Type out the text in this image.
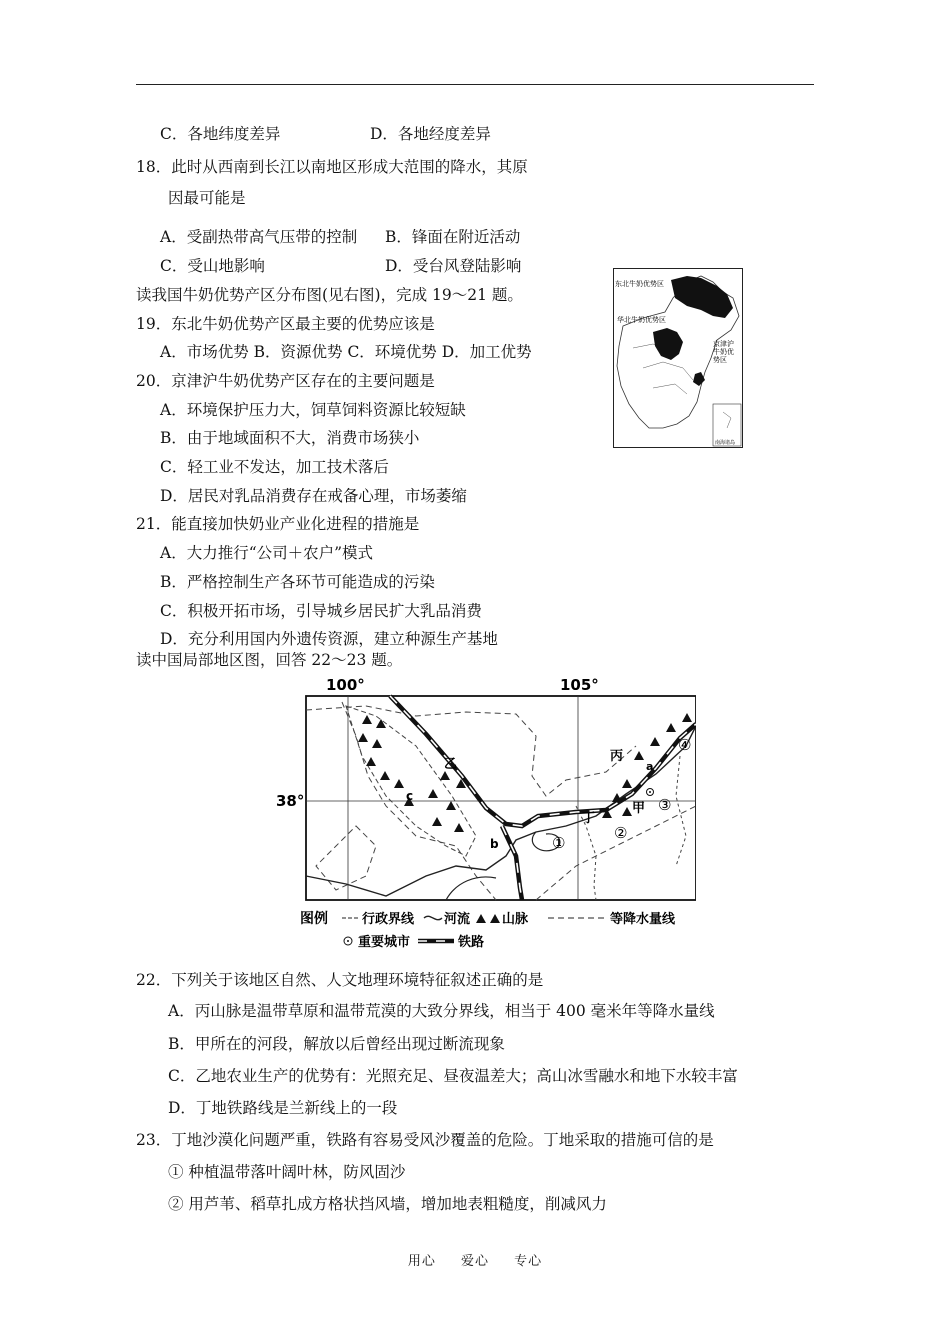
C．各地纬度差异	D．各地经度差异
18．此时从西南到长江以南地区形成大范围的降水，其原
因最可能是
A．受副热带高气压带的控制 B．锋面在附近活动
C．受山地影响	D．受台风登陆影响
读我国牛奶优势产区分布图(见右图)，完成 19～21 题。
19．东北牛奶优势产区最主要的优势应该是
A．市场优势 B．资源优势 C．环境优势 D．加工优势
20．京津沪牛奶优势产区存在的主要问题是
A．环境保护压力大，饲草饲料资源比较短缺
B．由于地域面积不大，消费市场狭小
C．轻工业不发达，加工技术落后
D．居民对乳品消费存在戒备心理，市场萎缩
21．能直接加快奶业产业化进程的措施是
A．大力推行“公司＋农户”模式
B．严格控制生产各环节可能造成的污染
C．积极开拓市场，引导城乡居民扩大乳品消费
D．充分利用国内外遗传资源，建立种源生产基地
读中国局部地区图，回答 22～23 题。
22．下列关于该地区自然、人文地理环境特征叙述正确的是
A．丙山脉是温带草原和温带荒漠的大致分界线，相当于 400 毫米年等降水量线
B．甲所在的河段，解放以后曾经出现过断流现象
C．乙地农业生产的优势有：光照充足、昼夜温差大；高山冰雪融水和地下水较丰富
D．丁地铁路线是兰新线上的一段
23．丁地沙漠化问题严重，铁路有容易受风沙覆盖的危险。丁地采取的措施可信的是
① 种植温带落叶阔叶林，防风固沙
② 用芦苇、稻草扎成方格状挡风墙，增加地表粗糙度，削减风力
东北牛奶优势区
华北牛奶优势区
京津沪
牛奶优
势区
南海诸岛
100°	105°
38°
丙
乙
丁
甲
a
b
c
①
②
③
④
图例	行政界线 河流 山脉	等降水量线
重要城市	铁路
用心 爱心 专心
